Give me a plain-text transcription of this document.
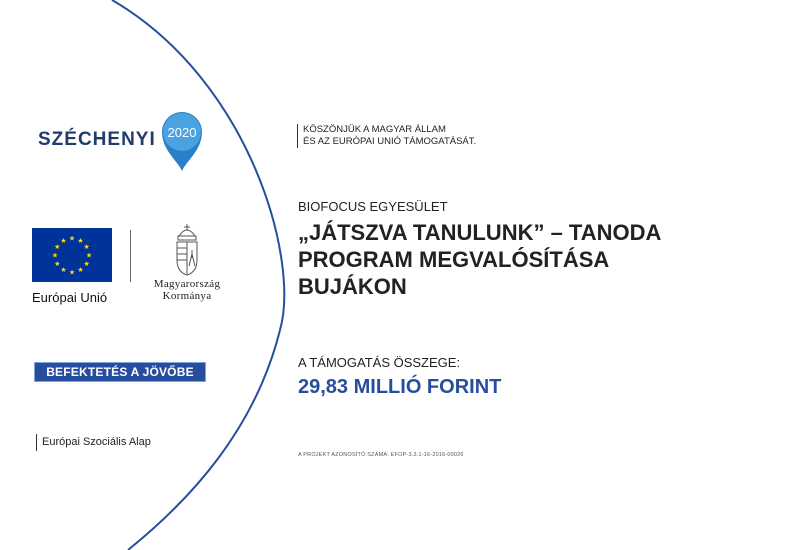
SZÉCHENYI 2020
★ ★
★
★
★
★
★
★
★
★
★
★
Európai Unió
Magyarország
Kormánya
BEFEKTETÉS A JÖVŐBE
Európai Szociális Alap
KÖSZÖNJÜK A MAGYAR ÁLLAM
ÉS AZ EURÓPAI UNIÓ TÁMOGATÁSÁT.
BIOFOCUS EGYESÜLET
„JÁTSZVA TANULUNK” – TANODA
PROGRAM MEGVALÓSÍTÁSA
BUJÁKON
A TÁMOGATÁS ÖSSZEGE:
29,83 MILLIÓ FORINT
A PROJEKT AZONOSÍTÓ SZÁMA: EFOP-3.3.1-16-2016-00026
